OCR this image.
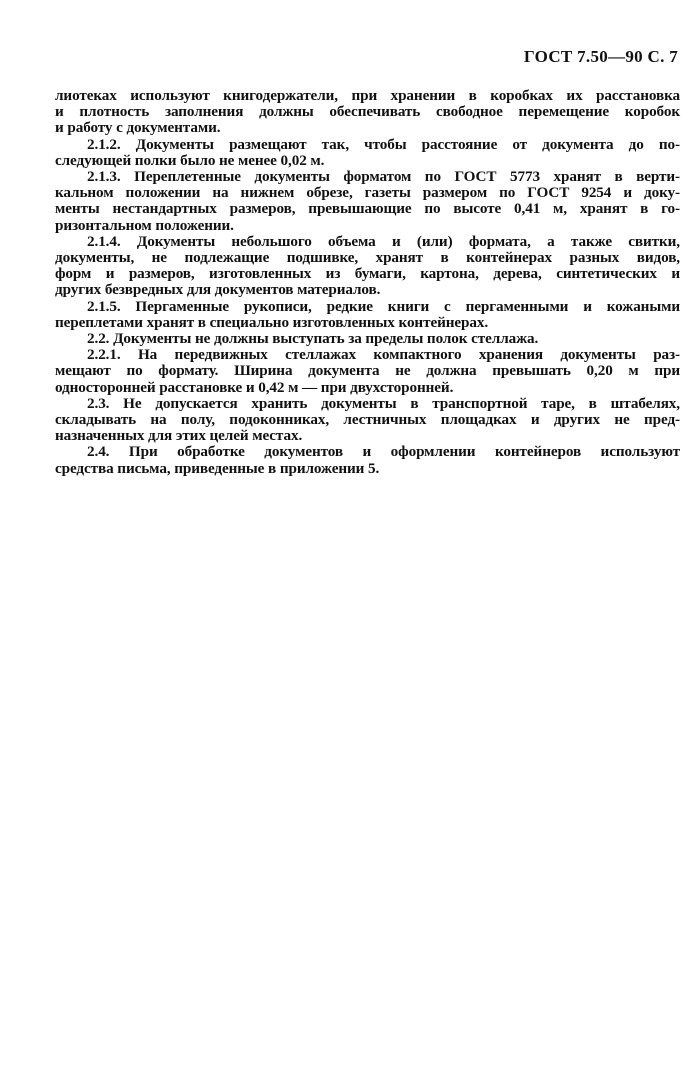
ГОСТ 7.50—90 С. 7
лиотеках используют книгодержатели, при хранении в коробках их расстановка
и плотность заполнения должны обеспечивать свободное перемещение коробок
и работу с документами.
2.1.2. Документы размещают так, чтобы расстояние от документа до по-
следующей полки было не менее 0,02 м.
2.1.3. Переплетенные документы форматом по ГОСТ 5773 хранят в верти-
кальном положении на нижнем обрезе, газеты размером по ГОСТ 9254 и доку-
менты нестандартных размеров, превышающие по высоте 0,41 м, хранят в го-
ризонтальном положении.
2.1.4. Документы небольшого объема и (или) формата, а также свитки,
документы, не подлежащие подшивке, хранят в контейнерах разных видов,
форм и размеров, изготовленных из бумаги, картона, дерева, синтетических и
других безвредных для документов материалов.
2.1.5. Пергаменные рукописи, редкие книги с пергаменными и кожаными
переплетами хранят в специально изготовленных контейнерах.
2.2. Документы не должны выступать за пределы полок стеллажа.
2.2.1. На передвижных стеллажах компактного хранения документы раз-
мещают по формату. Ширина документа не должна превышать 0,20 м при
односторонней расстановке и 0,42 м — при двухсторонней.
2.3. Не допускается хранить документы в транспортной таре, в штабелях,
складывать на полу, подоконниках, лестничных площадках и других не пред-
назначенных для этих целей местах.
2.4. При обработке документов и оформлении контейнеров используют
средства письма, приведенные в приложении 5.
